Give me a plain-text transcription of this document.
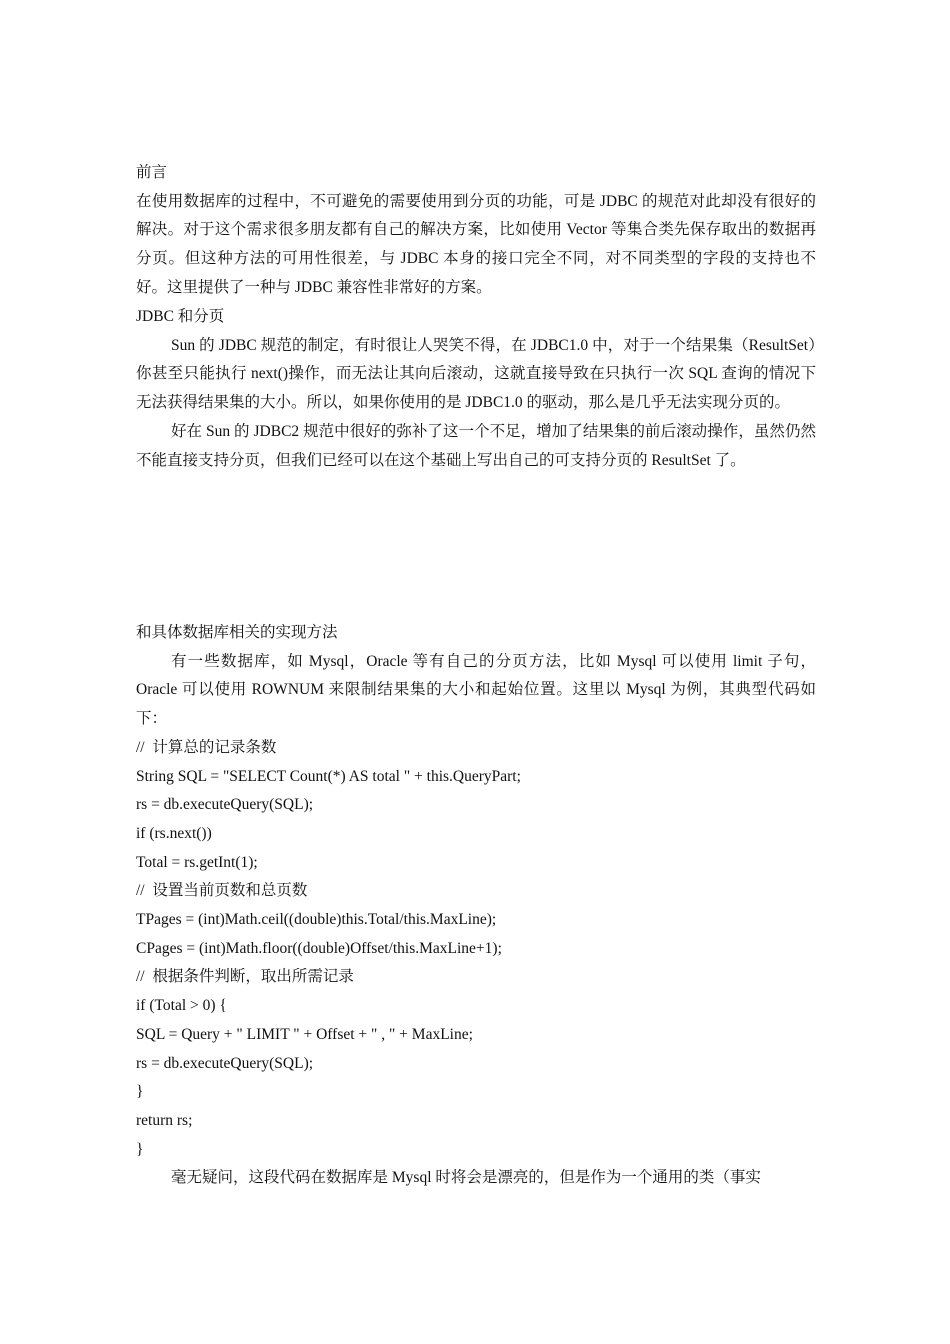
前言

在使用数据库的过程中，不可避免的需要使用到分页的功能，可是 JDBC 的规范对此却没有很好的解决。对于这个需求很多朋友都有自己的解决方案，比如使用 Vector 等集合类先保存取出的数据再分页。但这种方法的可用性很差，与 JDBC 本身的接口完全不同，对不同类型的字段的支持也不好。这里提供了一种与 JDBC 兼容性非常好的方案。

JDBC 和分页

Sun 的 JDBC 规范的制定，有时很让人哭笑不得，在 JDBC1.0 中，对于一个结果集（ResultSet）你甚至只能执行 next()操作，而无法让其向后滚动，这就直接导致在只执行一次 SQL 查询的情况下无法获得结果集的大小。所以，如果你使用的是 JDBC1.0 的驱动，那么是几乎无法实现分页的。

好在 Sun 的 JDBC2 规范中很好的弥补了这一个不足，增加了结果集的前后滚动操作，虽然仍然不能直接支持分页，但我们已经可以在这个基础上写出自己的可支持分页的 ResultSet 了。

和具体数据库相关的实现方法

有一些数据库，如 Mysql，Oracle 等有自己的分页方法，比如 Mysql 可以使用 limit 子句，Oracle 可以使用 ROWNUM 来限制结果集的大小和起始位置。这里以 Mysql 为例，其典型代码如下：

//  计算总的记录条数

String SQL = "SELECT Count(*) AS total " + this.QueryPart;

rs = db.executeQuery(SQL);

if (rs.next())

Total = rs.getInt(1);

//  设置当前页数和总页数

TPages = (int)Math.ceil((double)this.Total/this.MaxLine);

CPages = (int)Math.floor((double)Offset/this.MaxLine+1);

//  根据条件判断，取出所需记录

if (Total > 0) {

SQL = Query + " LIMIT " + Offset + " , " + MaxLine;

rs = db.executeQuery(SQL);

}

return rs;

}

毫无疑问，这段代码在数据库是 Mysql 时将会是漂亮的，但是作为一个通用的类（事实
